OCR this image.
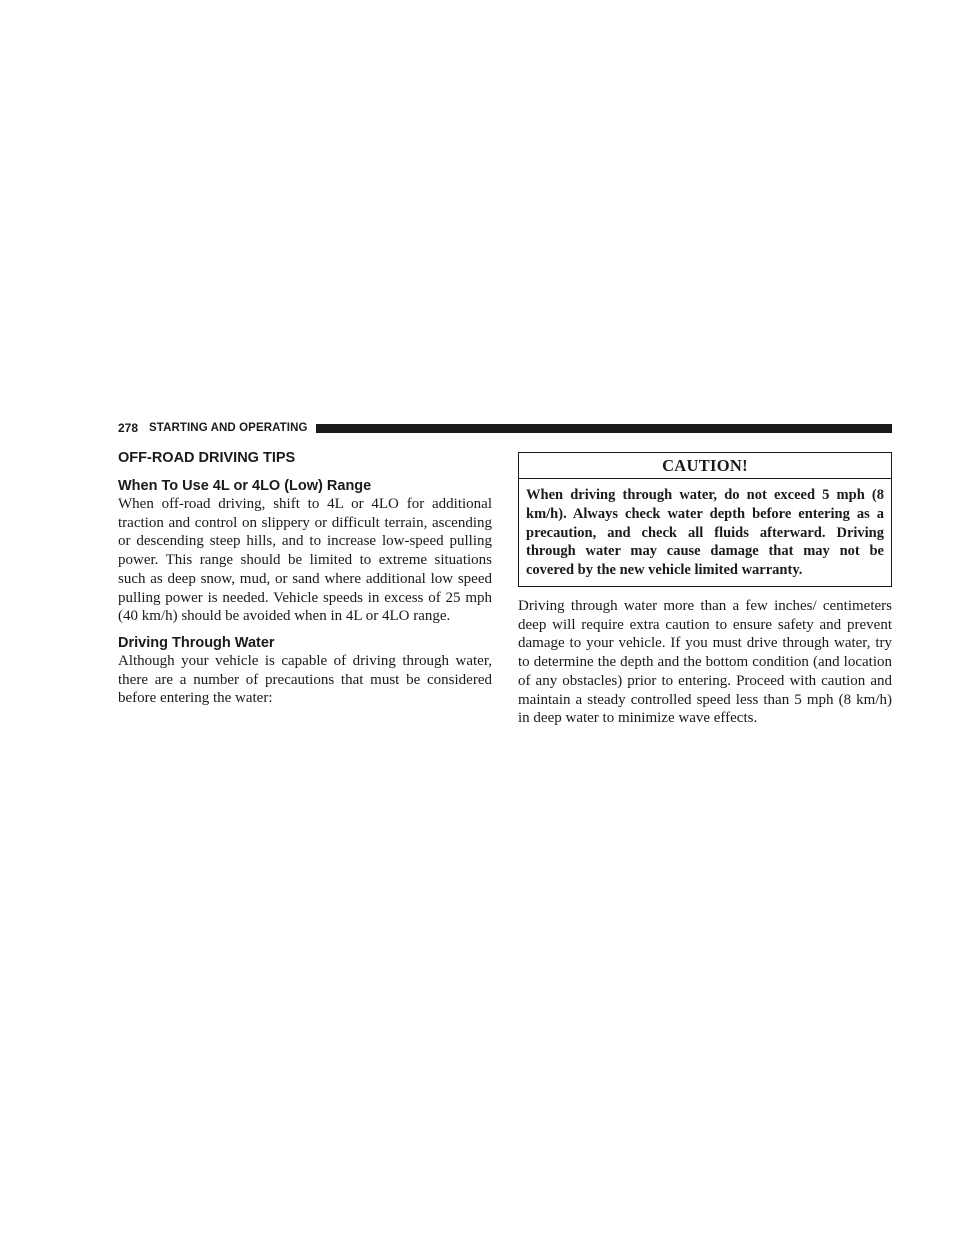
278 STARTING AND OPERATING
OFF-ROAD DRIVING TIPS
When To Use 4L or 4LO (Low) Range

When off-road driving, shift to 4L or 4LO for additional traction and control on slippery or difficult terrain, ascending or descending steep hills, and to increase low-speed pulling power. This range should be limited to extreme situations such as deep snow, mud, or sand where additional low speed pulling power is needed. Vehicle speeds in excess of 25 mph (40 km/h) should be avoided when in 4L or 4LO range.

Driving Through Water

Although your vehicle is capable of driving through water, there are a number of precautions that must be considered before entering the water:

CAUTION!

When driving through water, do not exceed 5 mph (8 km/h). Always check water depth before entering as a precaution, and check all fluids afterward. Driving through water may cause damage that may not be covered by the new vehicle limited warranty.

Driving through water more than a few inches/ centimeters deep will require extra caution to ensure safety and prevent damage to your vehicle. If you must drive through water, try to determine the depth and the bottom condition (and location of any obstacles) prior to entering. Proceed with caution and maintain a steady controlled speed less than 5 mph (8 km/h) in deep water to minimize wave effects.
